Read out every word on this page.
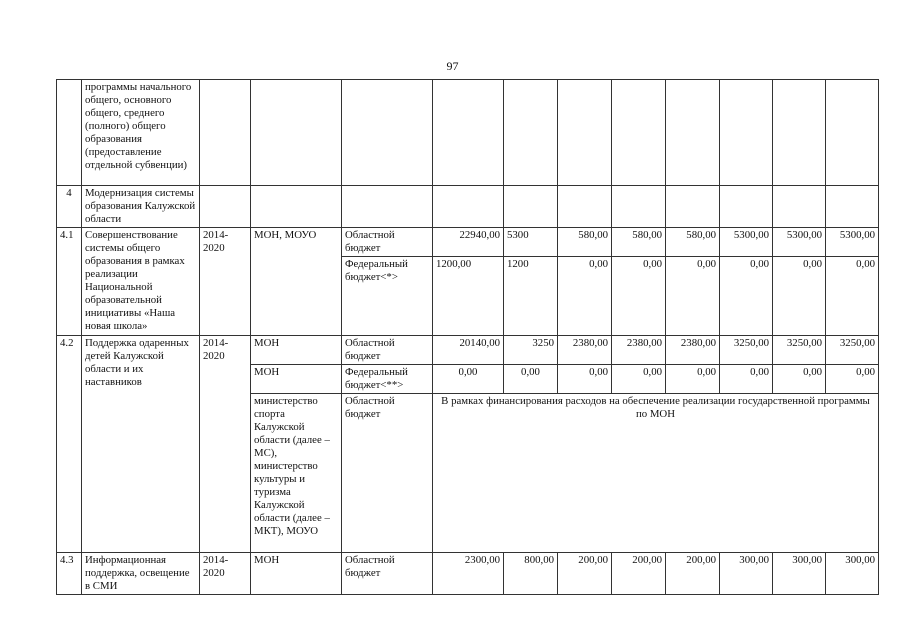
97
	программы начального общего, основного общего, среднего (полного) общего образования (предоставление отдельной субвенции)											
4	Модернизация системы образования Калужской области											
4.1	Совершенствование системы общего образования в рамках реализации Национальной образовательной инициативы «Наша новая школа»	2014-2020	МОН, МОУО	Областной бюджет	22940,00	5300	580,00	580,00	580,00	5300,00	5300,00	5300,00
				Федеральный бюджет<*>	1200,00	1200	0,00	0,00	0,00	0,00	0,00	0,00
4.2	Поддержка одаренных детей Калужской области и их наставников	2014-2020	МОН	Областной бюджет	20140,00	3250	2380,00	2380,00	2380,00	3250,00	3250,00	3250,00
			МОН	Федеральный бюджет<**>	0,00	0,00	0,00	0,00	0,00	0,00	0,00	0,00
			министерство спорта Калужской области (далее – МС), министерство культуры и туризма Калужской области (далее – МКТ), МОУО	Областной бюджет	В рамках финансирования расходов на обеспечение реализации государственной программы по МОН							
4.3	Информационная поддержка, освещение в СМИ	2014-2020	МОН	Областной бюджет	2300,00	800,00	200,00	200,00	200,00	300,00	300,00	300,00
